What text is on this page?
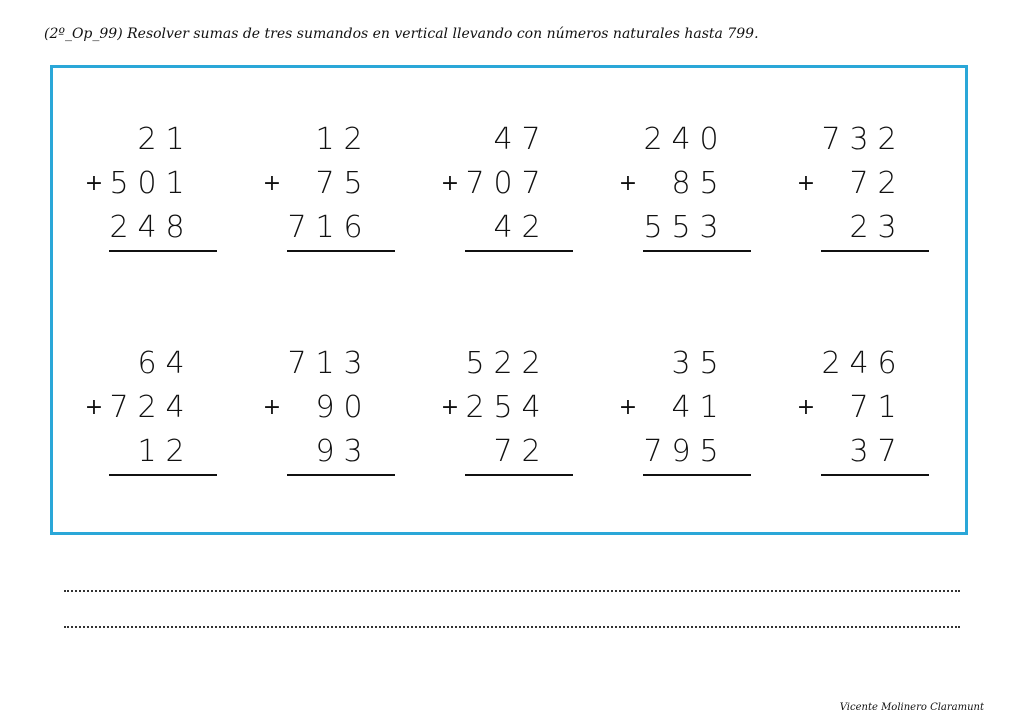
(2º_Op_99) Resolver sumas de tres sumandos en vertical llevando con números naturales hasta 799.
2 1
+ 5 0 1
2 4 8
1 2
+ 7 5
7 1 6
4 7
+ 7 0 7
4 2
2 4 0
+ 8 5
5 5 3
7 3 2
+ 7 2
2 3
6 4
+ 7 2 4
1 2
7 1 3
+ 9 0
9 3
5 2 2
+ 2 5 4
7 2
3 5
+ 4 1
7 9 5
2 4 6
+ 7 1
3 7
Vicente Molinero Claramunt
